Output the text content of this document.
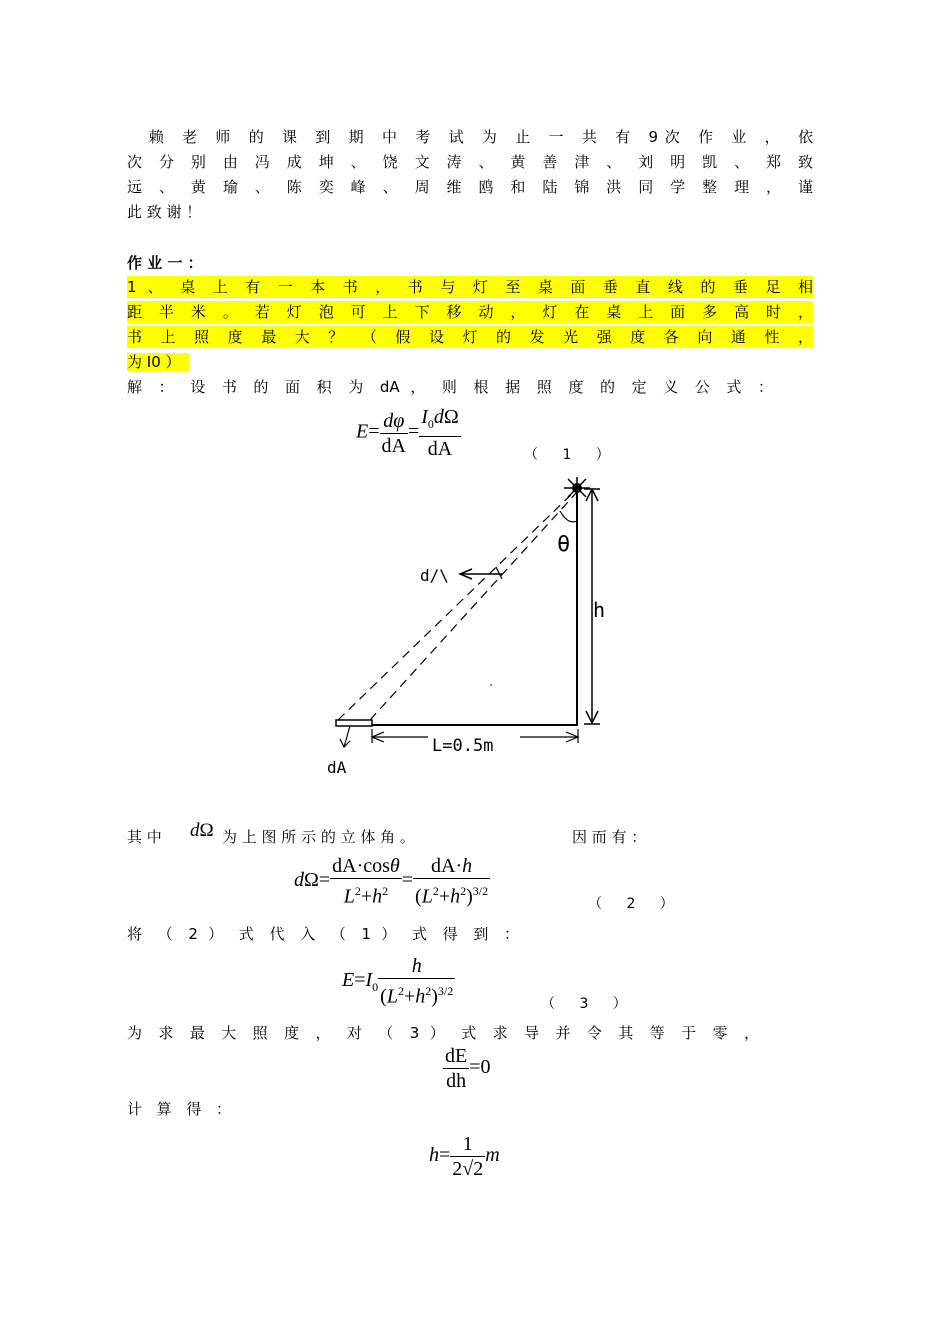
　赖 老 师 的 课 到 期 中 考 试 为 止 一 共 有 9次 作 业 ， 依
次 分 别 由 冯 成 坤 、 饶 文 涛 、 黄 善 津 、 刘 明 凯 、 郑 致
远 、 黄 瑜 、 陈 奕 峰 、 周 维 鸥 和 陆 锦 洪 同 学 整 理 ， 谨
此 致 谢 ！
作 业 一 ：
1 、 桌 上 有 一 本 书 ， 书 与 灯 至 桌 面 垂 直 线 的 垂 足 相
距 半 米 。 若 灯 泡 可 上 下 移 动 ， 灯 在 桌 上 面 多 高 时 ，
书 上 照 度 最 大 ？ （ 假 设 灯 的 发 光 强 度 各 向 通 性 ，
为 I0 ）
解 ： 设 书 的 面 积 为 dA ， 则 根 据 照 度 的 定 义 公 式 ：
$E= \frac{d\varphi}{dA} = \frac{I_0d\Omega}{dA}$	（ 1 ）
θ
h
d/\
L=0.5m
dA
其 中	dΩ 为 上 图 所 示 的 立 体 角 。	因 而 有 ：
$d\Omega= \frac{dA\cdot\cos\theta}{L^2+h^2} = \frac{dA\cdot h}{(L^2+h^2)^{3/2}}$	（ 2 ）
将 （ 2 ） 式 代 入 （ 1 ） 式 得 到 ：
$E=I_0 \frac{h}{(L^2+h^2)^{3/2}}$	（ 3 ）
为 求 最 大 照 度 ， 对 （ 3 ） 式 求 导 并 令 其 等 于 零 ，
$\frac{dE}{dh} =0$
计 算 得 ：
$h= \frac{1}{2√2}$ m
